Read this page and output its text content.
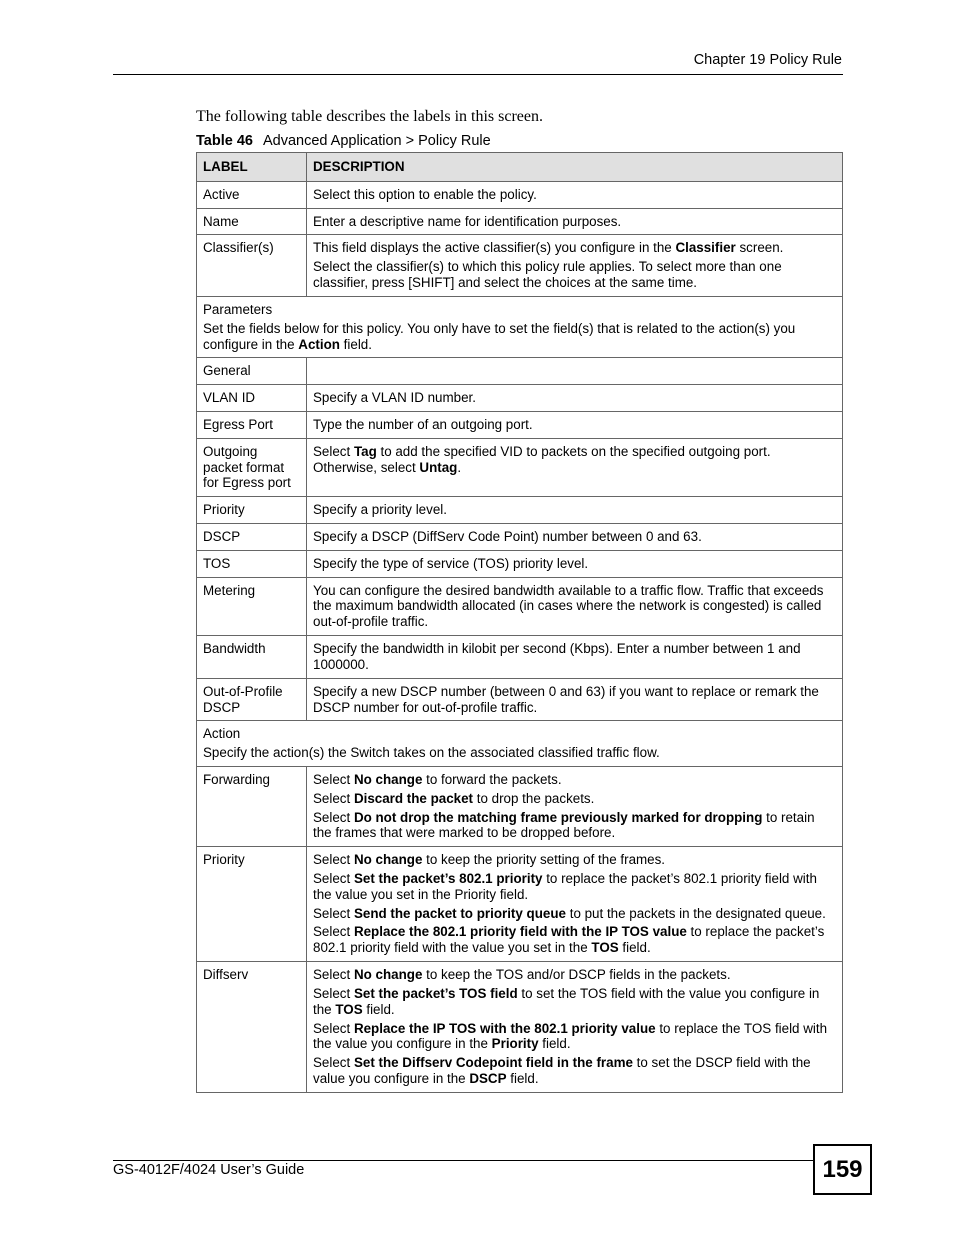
Chapter 19 Policy Rule
The following table describes the labels in this screen.
Table 46 Advanced Application > Policy Rule
LABEL	DESCRIPTION
Active	Select this option to enable the policy.

Name	Enter a descriptive name for identification purposes.

Classifier(s)	This field displays the active classifier(s) you configure in the Classifier screen.
Select the classifier(s) to which this policy rule applies. To select more than one classifier, press [SHIFT] and select the choices at the same time.

Parameters
Set the fields below for this policy. You only have to set the field(s) that is related to the action(s) you configure in the Action field.	

General	
VLAN ID	Specify a VLAN ID number.

Egress Port	Type the number of an outgoing port.

Outgoing packet format for Egress port	Select Tag to add the specified VID to packets on the specified outgoing port. Otherwise, select Untag.

Priority	Specify a priority level.

DSCP	Specify a DSCP (DiffServ Code Point) number between 0 and 63.

TOS	Specify the type of service (TOS) priority level.

Metering	You can configure the desired bandwidth available to a traffic flow. Traffic that exceeds the maximum bandwidth allocated (in cases where the network is congested) is called out-of-profile traffic.

Bandwidth	Specify the bandwidth in kilobit per second (Kbps). Enter a number between 1 and 1000000.

Out-of-Profile DSCP	Specify a new DSCP number (between 0 and 63) if you want to replace or remark the DSCP number for out-of-profile traffic.

Action
Specify the action(s) the Switch takes on the associated classified traffic flow.	

Forwarding	Select No change to forward the packets.
Select Discard the packet to drop the packets.
Select Do not drop the matching frame previously marked for dropping to retain the frames that were marked to be dropped before.

Priority	Select No change to keep the priority setting of the frames.
Select Set the packet’s 802.1 priority to replace the packet’s 802.1 priority field with the value you set in the Priority field.
Select Send the packet to priority queue to put the packets in the designated queue.
Select Replace the 802.1 priority field with the IP TOS value to replace the packet’s 802.1 priority field with the value you set in the TOS field.

Diffserv	Select No change to keep the TOS and/or DSCP fields in the packets.
Select Set the packet’s TOS field to set the TOS field with the value you configure in the TOS field.
Select Replace the IP TOS with the 802.1 priority value to replace the TOS field with the value you configure in the Priority field.
Select Set the Diffserv Codepoint field in the frame to set the DSCP field with the value you configure in the DSCP field.
GS-4012F/4024 User’s Guide	159
